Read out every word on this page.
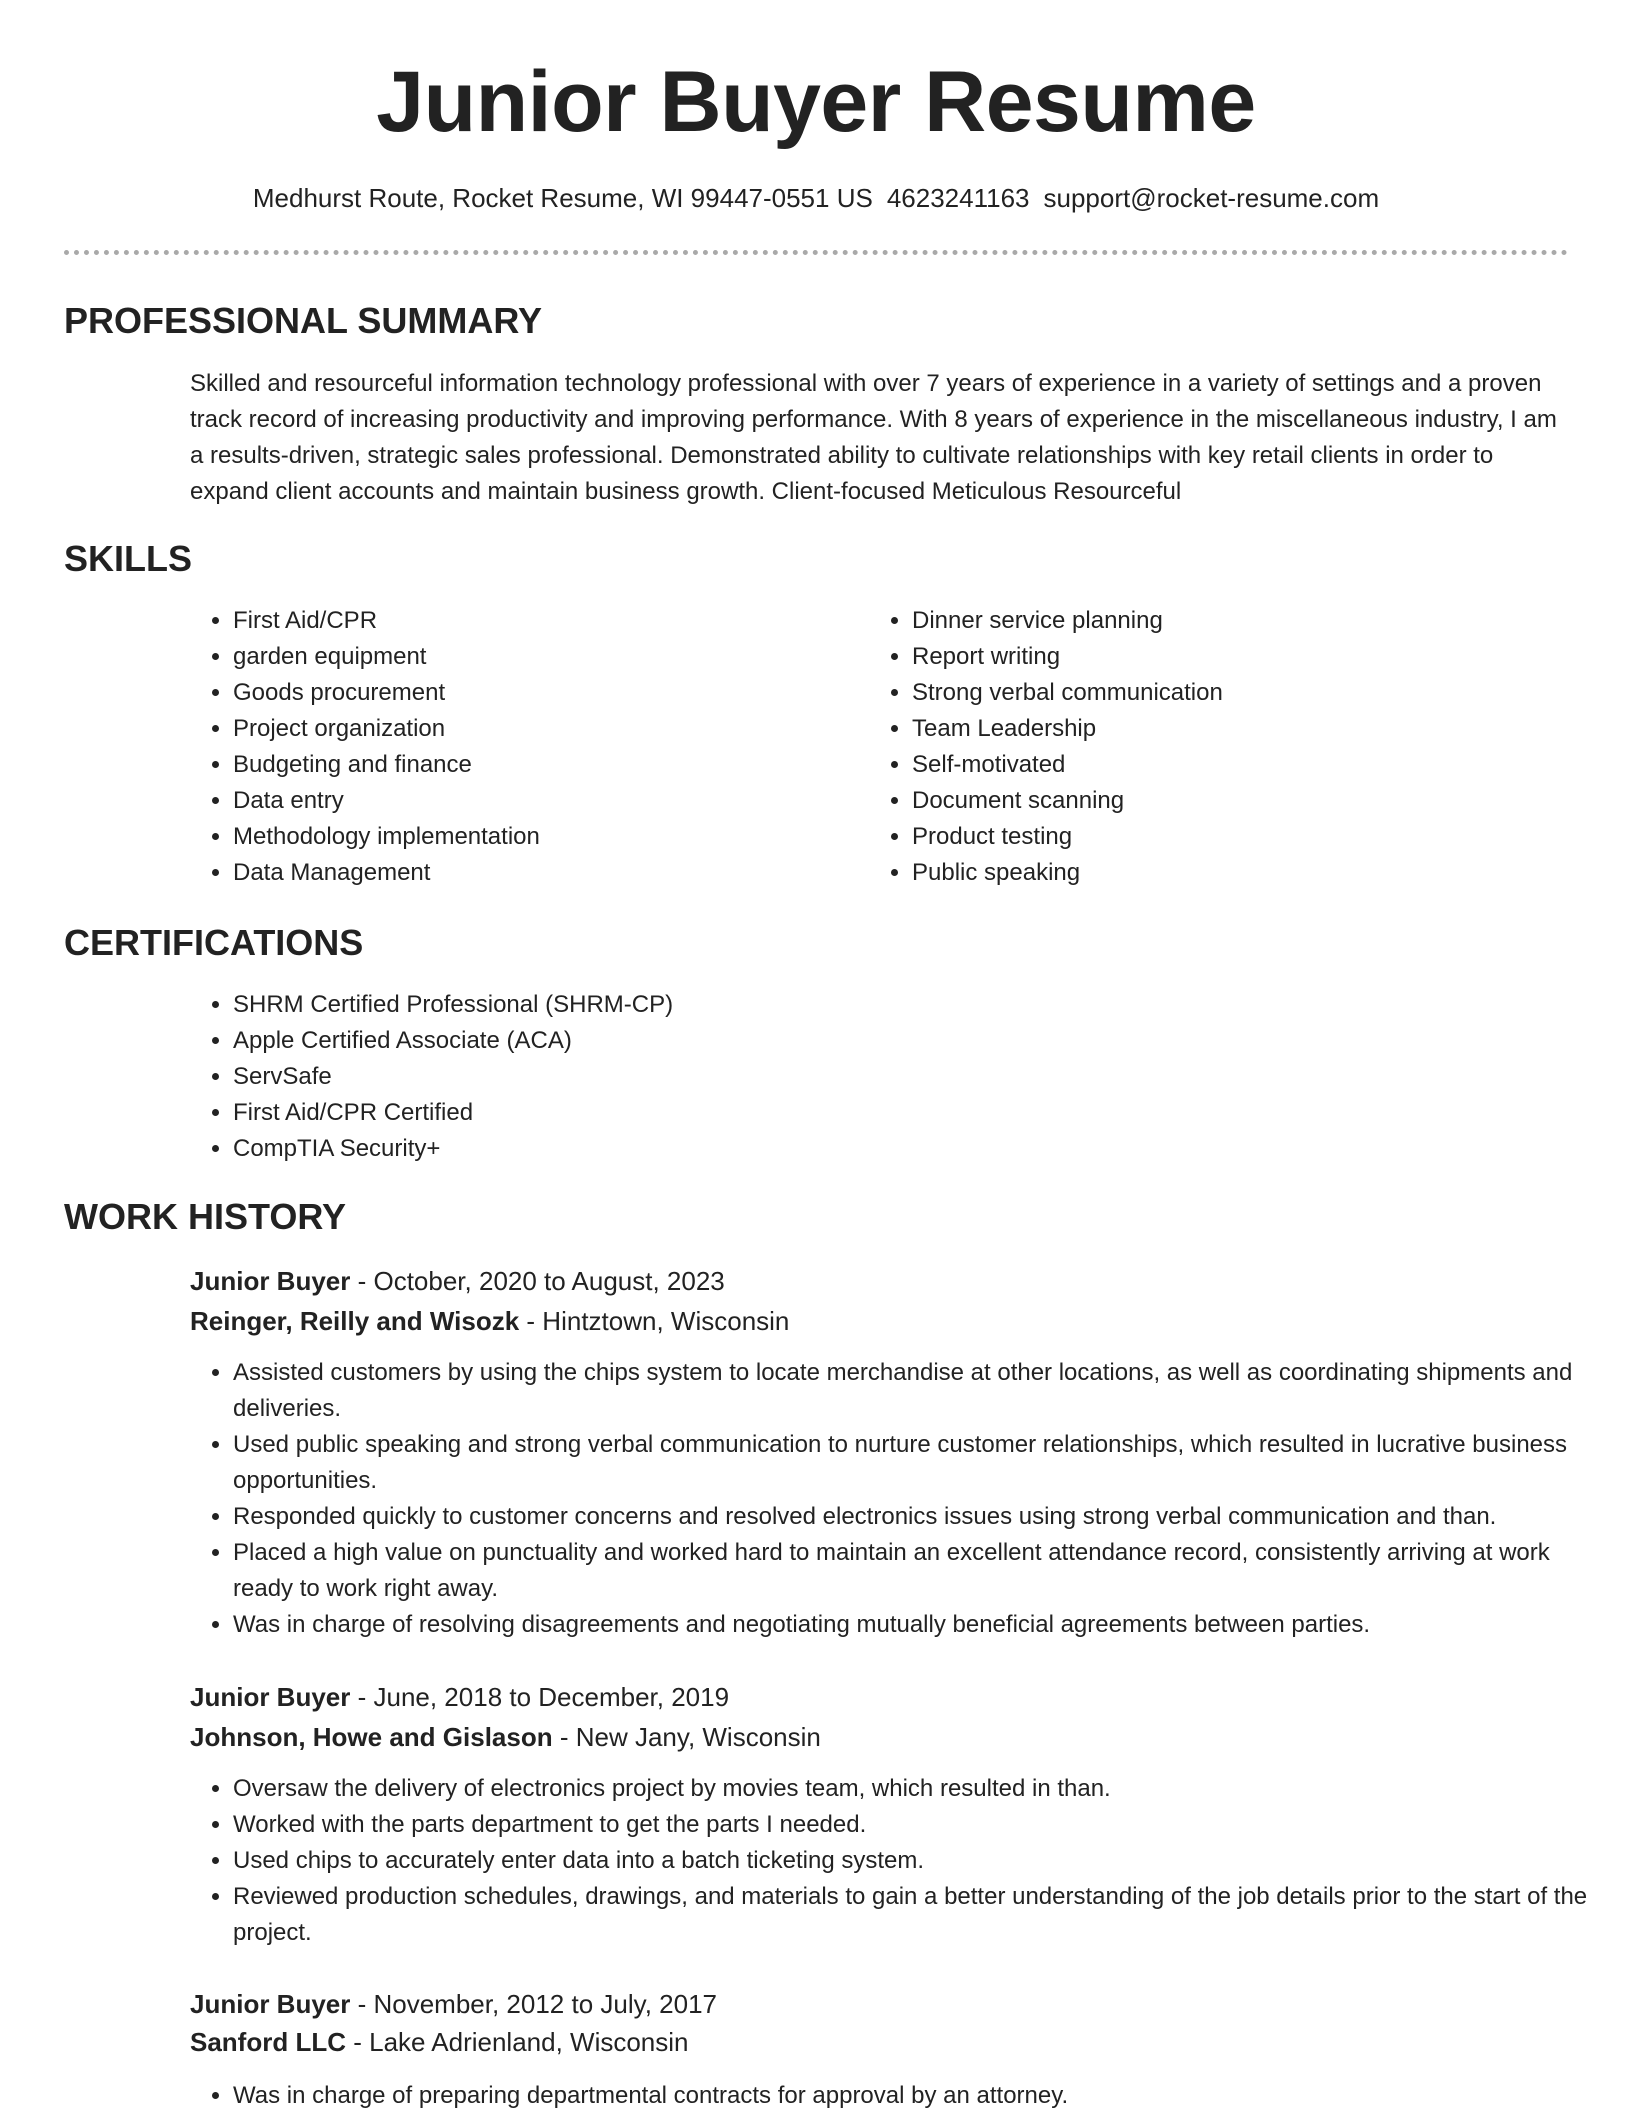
Junior Buyer Resume
Medhurst Route, Rocket Resume, WI 99447-0551 US 4623241163 support@rocket-resume.com
PROFESSIONAL SUMMARY

Skilled and resourceful information technology professional with over 7 years of experience in a variety of settings and a proven track record of increasing productivity and improving performance. With 8 years of experience in the miscellaneous industry, I am a results-driven, strategic sales professional. Demonstrated ability to cultivate relationships with key retail clients in order to expand client accounts and maintain business growth. Client-focused Meticulous Resourceful

SKILLS
• First Aid/CPR
• garden equipment
• Goods procurement
• Project organization
• Budgeting and finance
• Data entry
• Methodology implementation
• Data Management
• Dinner service planning
• Report writing
• Strong verbal communication
• Team Leadership
• Self-motivated
• Document scanning
• Product testing
• Public speaking
CERTIFICATIONS
• SHRM Certified Professional (SHRM-CP)
• Apple Certified Associate (ACA)
• ServSafe
• First Aid/CPR Certified
• CompTIA Security+
WORK HISTORY
Junior Buyer - October, 2020 to August, 2023
Reinger, Reilly and Wisozk - Hintztown, Wisconsin
• Assisted customers by using the chips system to locate merchandise at other locations, as well as coordinating shipments and deliveries.
• Used public speaking and strong verbal communication to nurture customer relationships, which resulted in lucrative business opportunities.
• Responded quickly to customer concerns and resolved electronics issues using strong verbal communication and than.
• Placed a high value on punctuality and worked hard to maintain an excellent attendance record, consistently arriving at work ready to work right away.
• Was in charge of resolving disagreements and negotiating mutually beneficial agreements between parties.
Junior Buyer - June, 2018 to December, 2019
Johnson, Howe and Gislason - New Jany, Wisconsin
• Oversaw the delivery of electronics project by movies team, which resulted in than.
• Worked with the parts department to get the parts I needed.
• Used chips to accurately enter data into a batch ticketing system.
• Reviewed production schedules, drawings, and materials to gain a better understanding of the job details prior to the start of the project.
Junior Buyer - November, 2012 to July, 2017
Sanford LLC - Lake Adrienland, Wisconsin
• Was in charge of preparing departmental contracts for approval by an attorney.
